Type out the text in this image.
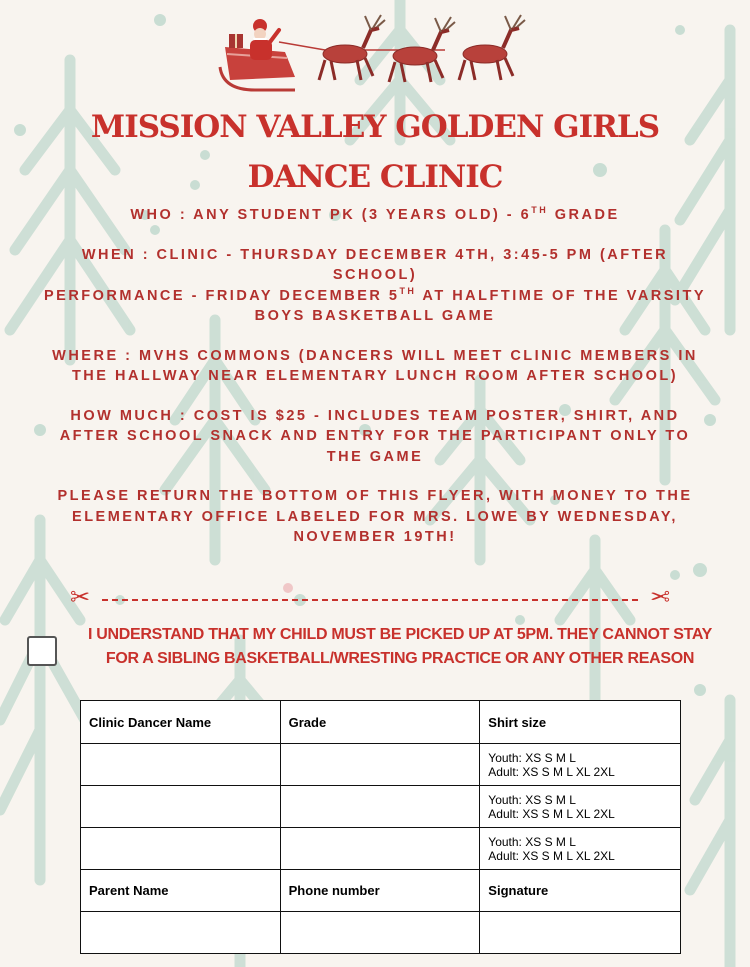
MISSION VALLEY GOLDEN GIRLS
DANCE CLINIC

WHO : ANY STUDENT PK (3 YEARS OLD) - 6TH GRADE

WHEN : CLINIC - THURSDAY DECEMBER 4TH, 3:45-5 PM (AFTER SCHOOL)

PERFORMANCE - FRIDAY DECEMBER 5TH AT HALFTIME OF THE VARSITY BOYS BASKETBALL GAME

WHERE : MVHS COMMONS (DANCERS WILL MEET CLINIC MEMBERS IN THE HALLWAY NEAR ELEMENTARY LUNCH ROOM AFTER SCHOOL)

HOW MUCH : COST IS $25 - INCLUDES TEAM POSTER, SHIRT, AND AFTER SCHOOL SNACK AND ENTRY FOR THE PARTICIPANT ONLY TO THE GAME

PLEASE RETURN THE BOTTOM OF THIS FLYER, WITH MONEY TO THE ELEMENTARY OFFICE LABELED FOR MRS. LOWE BY WEDNESDAY, NOVEMBER 19TH!

✂	✂
I UNDERSTAND THAT MY CHILD MUST BE PICKED UP AT 5PM. THEY CANNOT STAY FOR A SIBLING BASKETBALL/WRESTING PRACTICE OR ANY OTHER REASON
Clinic Dancer Name	Grade	Shirt size

		Youth: XS S M L
Adult: XS S M L XL 2XL

		Youth: XS S M L
Adult: XS S M L XL 2XL

		Youth: XS S M L
Adult: XS S M L XL 2XL

Parent Name	Phone number	Signature
